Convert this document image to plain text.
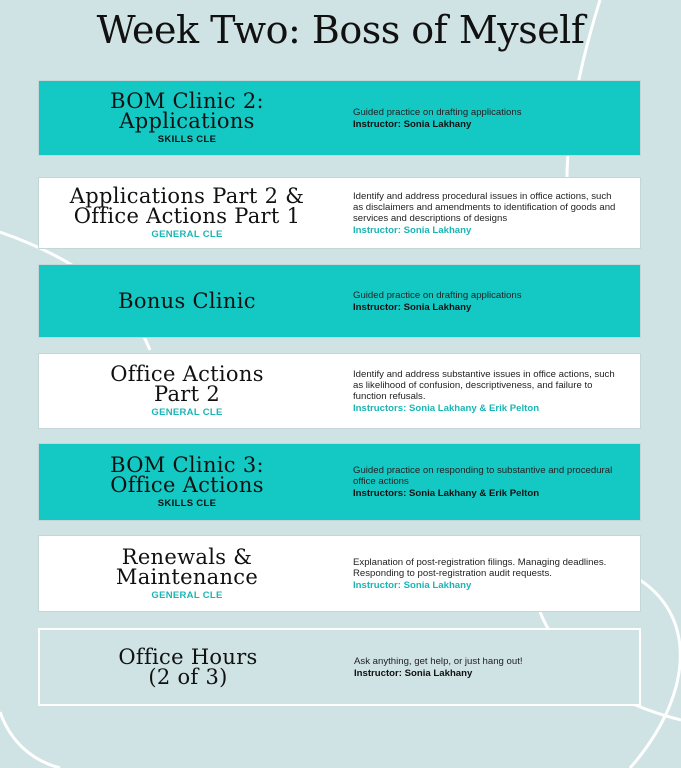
Week Two: Boss of Myself
BOM Clinic 2:
Applications
SKILLS CLE
Guided practice on drafting applications
Instructor: Sonia Lakhany
Applications Part 2 &
Office Actions Part 1
GENERAL CLE
Identify and address procedural issues in office actions, such as disclaimers and amendments to identification of goods and services and descriptions of designs
Instructor: Sonia Lakhany
Bonus Clinic	Guided practice on drafting applications
Instructor: Sonia Lakhany
Office Actions
Part 2
GENERAL CLE
Identify and address substantive issues in office actions, such as likelihood of confusion, descriptiveness, and failure to function refusals.
Instructors: Sonia Lakhany & Erik Pelton
BOM Clinic 3:
Office Actions
SKILLS CLE
Guided practice on responding to substantive and procedural office actions
Instructors: Sonia Lakhany & Erik Pelton
Renewals &
Maintenance
GENERAL CLE
Explanation of post-registration filings. Managing deadlines. Responding to post-registration audit requests.
Instructor: Sonia Lakhany
Office Hours
(2 of 3)
Ask anything, get help, or just hang out!
Instructor: Sonia Lakhany
